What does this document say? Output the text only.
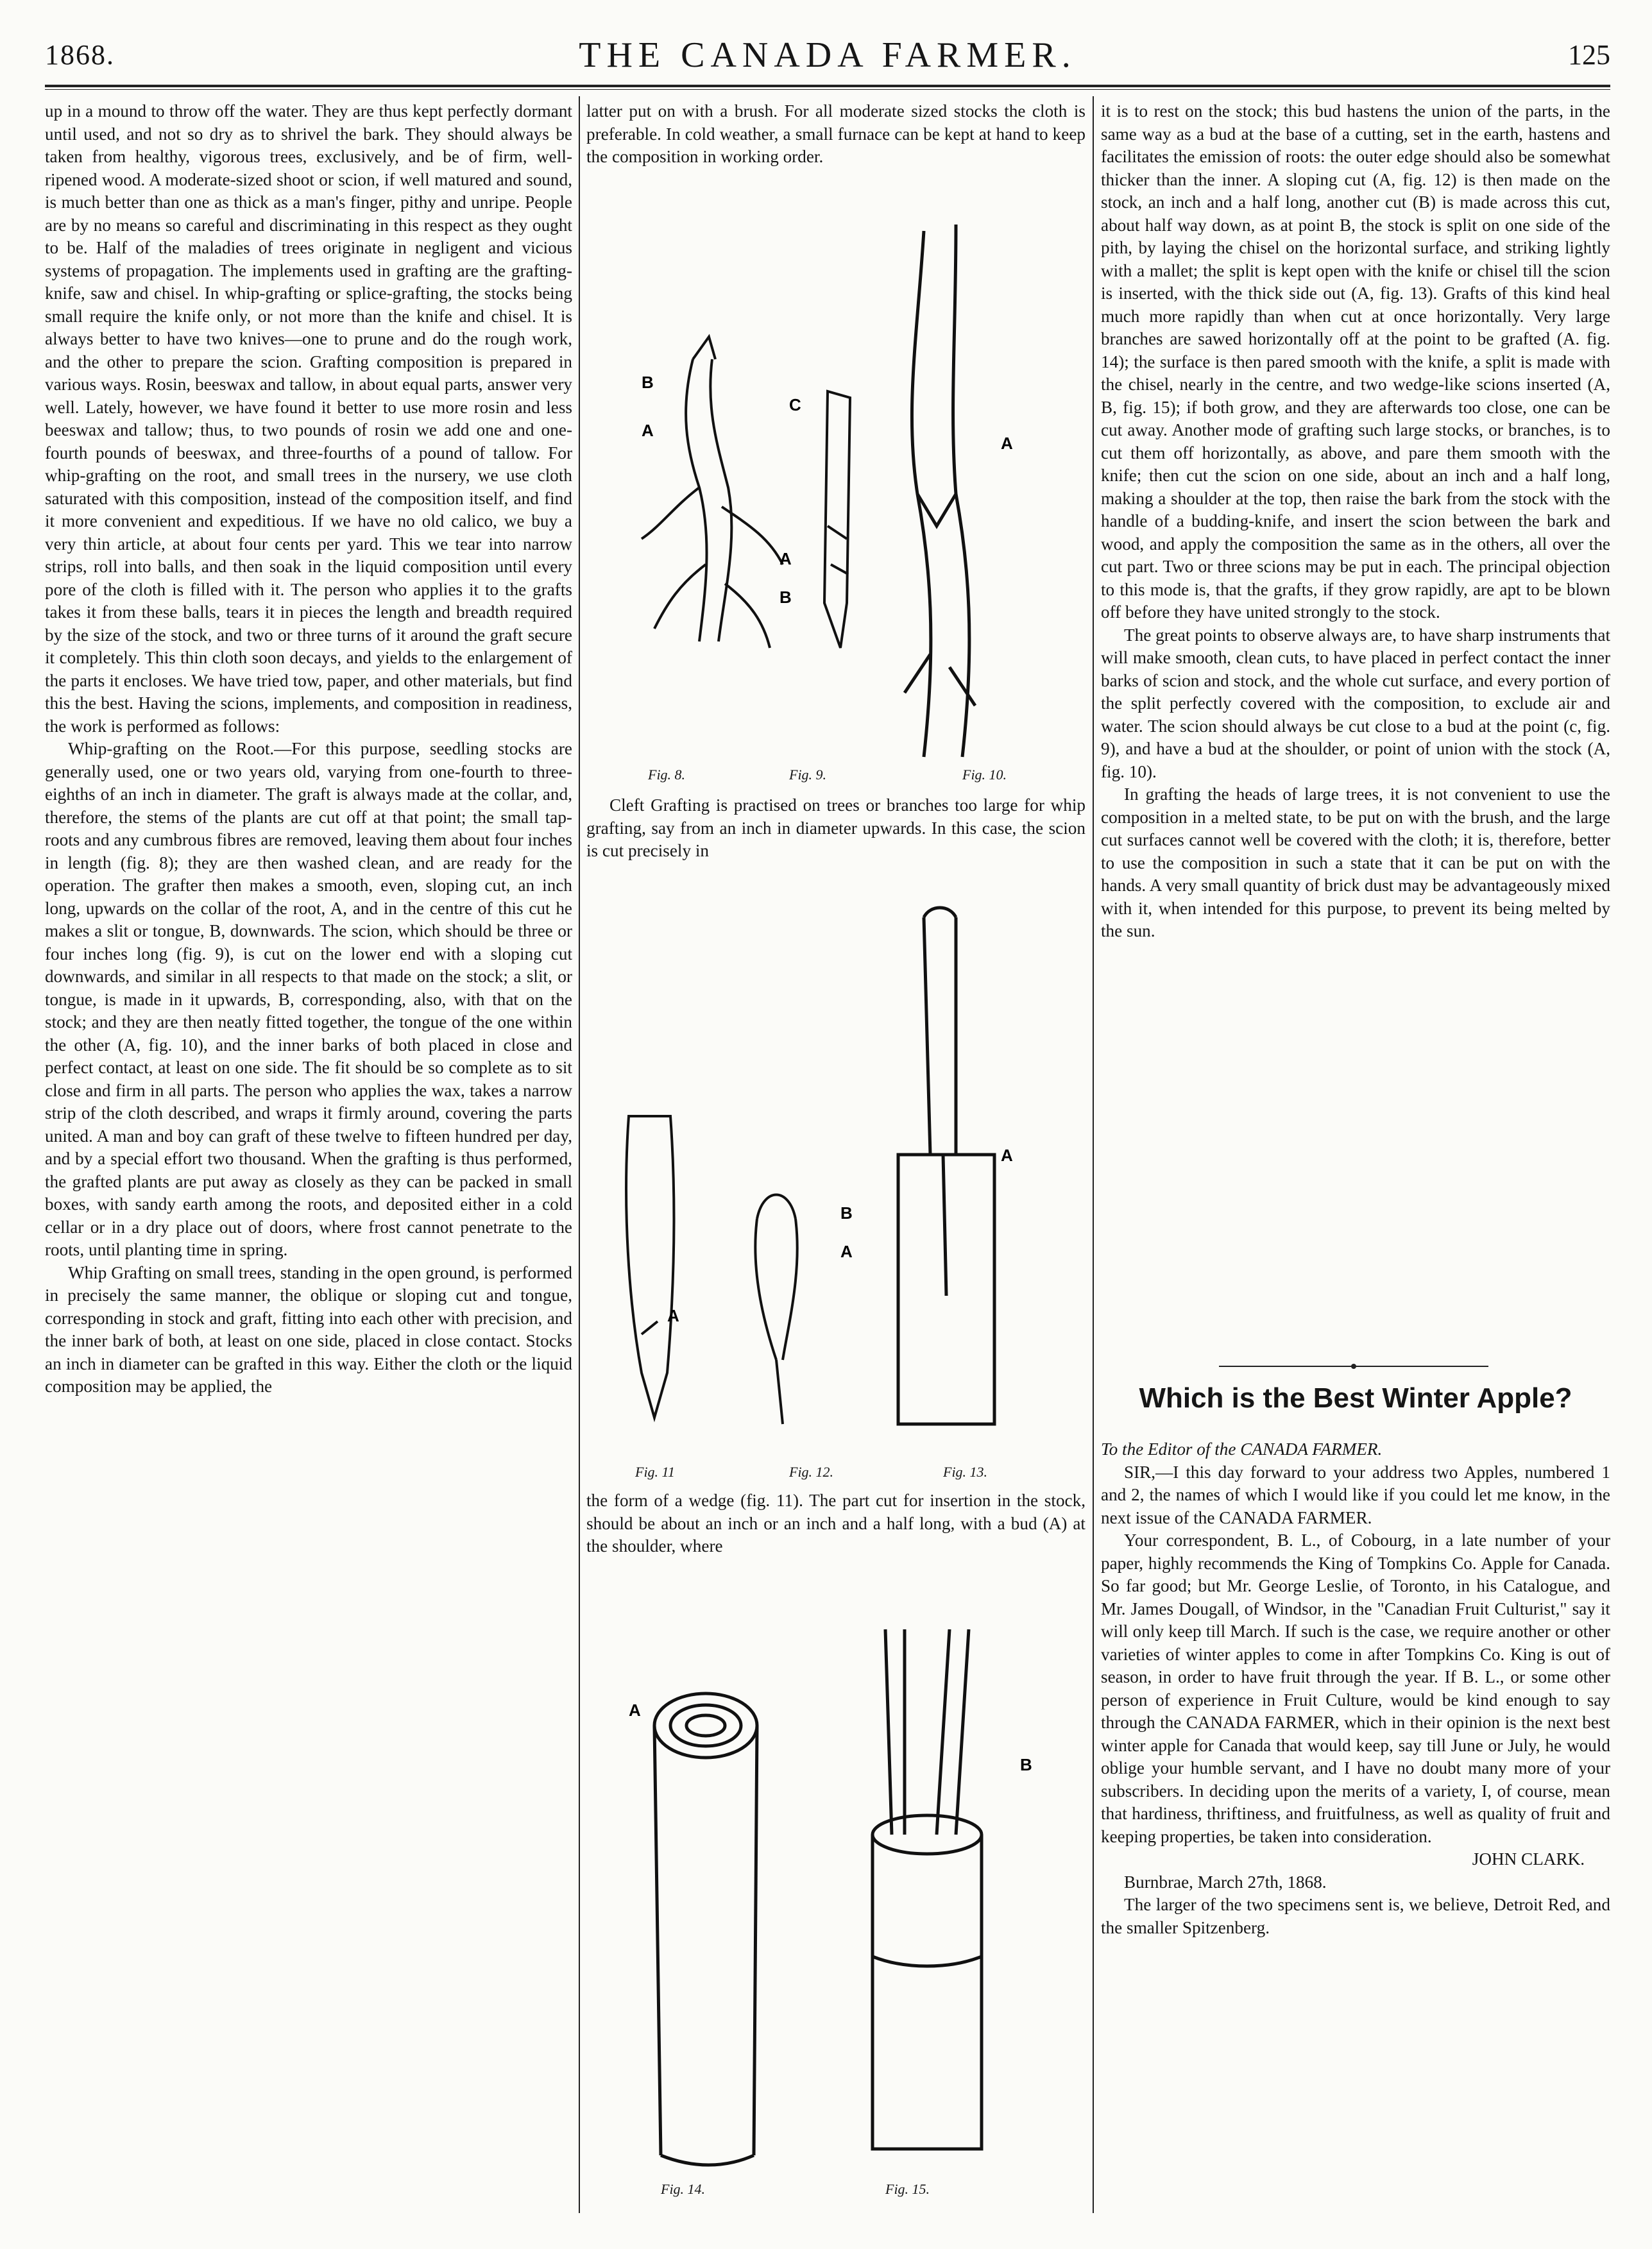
1868.	THE CANADA FARMER.	125

up in a mound to throw off the water. They are thus kept perfectly dormant until used, and not so dry as to shrivel the bark. They should always be taken from healthy, vigorous trees, exclusively, and be of firm, well-ripened wood. A moderate-sized shoot or scion, if well matured and sound, is much better than one as thick as a man's finger, pithy and unripe. People are by no means so careful and discriminating in this respect as they ought to be. Half of the maladies of trees originate in negligent and vicious systems of propagation. The implements used in grafting are the grafting-knife, saw and chisel. In whip-grafting or splice-grafting, the stocks being small require the knife only, or not more than the knife and chisel. It is always better to have two knives—one to prune and do the rough work, and the other to prepare the scion. Grafting composition is prepared in various ways. Rosin, beeswax and tallow, in about equal parts, answer very well. Lately, however, we have found it better to use more rosin and less beeswax and tallow; thus, to two pounds of rosin we add one and one-fourth pounds of beeswax, and three-fourths of a pound of tallow. For whip-grafting on the root, and small trees in the nursery, we use cloth saturated with this composition, instead of the composition itself, and find it more convenient and expeditious. If we have no old calico, we buy a very thin article, at about four cents per yard. This we tear into narrow strips, roll into balls, and then soak in the liquid composition until every pore of the cloth is filled with it. The person who applies it to the grafts takes it from these balls, tears it in pieces the length and breadth required by the size of the stock, and two or three turns of it around the graft secure it completely. This thin cloth soon decays, and yields to the enlargement of the parts it encloses. We have tried tow, paper, and other materials, but find this the best. Having the scions, implements, and composition in readiness, the work is performed as follows:

Whip-grafting on the Root.—For this purpose, seedling stocks are generally used, one or two years old, varying from one-fourth to three-eighths of an inch in diameter. The graft is always made at the collar, and, therefore, the stems of the plants are cut off at that point; the small tap-roots and any cumbrous fibres are removed, leaving them about four inches in length (fig. 8); they are then washed clean, and are ready for the operation. The grafter then makes a smooth, even, sloping cut, an inch long, upwards on the collar of the root, A, and in the centre of this cut he makes a slit or tongue, B, downwards. The scion, which should be three or four inches long (fig. 9), is cut on the lower end with a sloping cut downwards, and similar in all respects to that made on the stock; a slit, or tongue, is made in it upwards, B, corresponding, also, with that on the stock; and they are then neatly fitted together, the tongue of the one within the other (A, fig. 10), and the inner barks of both placed in close and perfect contact, at least on one side. The fit should be so complete as to sit close and firm in all parts. The person who applies the wax, takes a narrow strip of the cloth described, and wraps it firmly around, covering the parts united. A man and boy can graft of these twelve to fifteen hundred per day, and by a special effort two thousand. When the grafting is thus performed, the grafted plants are put away as closely as they can be packed in small boxes, with sandy earth among the roots, and deposited either in a cold cellar or in a dry place out of doors, where frost cannot penetrate to the roots, until planting time in spring.

Whip Grafting on small trees, standing in the open ground, is performed in precisely the same manner, the oblique or sloping cut and tongue, corresponding in stock and graft, fitting into each other with precision, and the inner bark of both, at least on one side, placed in close contact. Stocks an inch in diameter can be grafted in this way. Either the cloth or the liquid composition may be applied, the

latter put on with a brush. For all moderate sized stocks the cloth is preferable. In cold weather, a small furnace can be kept at hand to keep the composition in working order.

B
A
C
A
B
A
Fig. 8.	Fig. 9.	Fig. 10.

Cleft Grafting is practised on trees or branches too large for whip grafting, say from an inch in diameter upwards. In this case, the scion is cut precisely in

A
B
A
A
Fig. 11	Fig. 12.	Fig. 13.

the form of a wedge (fig. 11). The part cut for insertion in the stock, should be about an inch or an inch and a half long, with a bud (A) at the shoulder, where

A
B
Fig. 14.	Fig. 15.

it is to rest on the stock; this bud hastens the union of the parts, in the same way as a bud at the base of a cutting, set in the earth, hastens and facilitates the emission of roots: the outer edge should also be somewhat thicker than the inner. A sloping cut (A, fig. 12) is then made on the stock, an inch and a half long, another cut (B) is made across this cut, about half way down, as at point B, the stock is split on one side of the pith, by laying the chisel on the horizontal surface, and striking lightly with a mallet; the split is kept open with the knife or chisel till the scion is inserted, with the thick side out (A, fig. 13). Grafts of this kind heal much more rapidly than when cut at once horizontally. Very large branches are sawed horizontally off at the point to be grafted (A. fig. 14); the surface is then pared smooth with the knife, a split is made with the chisel, nearly in the centre, and two wedge-like scions inserted (A, B, fig. 15); if both grow, and they are afterwards too close, one can be cut away. Another mode of grafting such large stocks, or branches, is to cut them off horizontally, as above, and pare them smooth with the knife; then cut the scion on one side, about an inch and a half long, making a shoulder at the top, then raise the bark from the stock with the handle of a budding-knife, and insert the scion between the bark and wood, and apply the composition the same as in the others, all over the cut part. Two or three scions may be put in each. The principal objection to this mode is, that the grafts, if they grow rapidly, are apt to be blown off before they have united strongly to the stock.

The great points to observe always are, to have sharp instruments that will make smooth, clean cuts, to have placed in perfect contact the inner barks of scion and stock, and the whole cut surface, and every portion of the split perfectly covered with the composition, to exclude air and water. The scion should always be cut close to a bud at the point (c, fig. 9), and have a bud at the shoulder, or point of union with the stock (A, fig. 10).

In grafting the heads of large trees, it is not convenient to use the composition in a melted state, to be put on with the brush, and the large cut surfaces cannot well be covered with the cloth; it is, therefore, better to use the composition in such a state that it can be put on with the hands. A very small quantity of brick dust may be advantageously mixed with it, when intended for this purpose, to prevent its being melted by the sun.

Which is the Best Winter Apple?

To the Editor of the CANADA FARMER.

SIR,—I this day forward to your address two Apples, numbered 1 and 2, the names of which I would like if you could let me know, in the next issue of the CANADA FARMER.

Your correspondent, B. L., of Cobourg, in a late number of your paper, highly recommends the King of Tompkins Co. Apple for Canada. So far good; but Mr. George Leslie, of Toronto, in his Catalogue, and Mr. James Dougall, of Windsor, in the "Canadian Fruit Culturist," say it will only keep till March. If such is the case, we require another or other varieties of winter apples to come in after Tompkins Co. King is out of season, in order to have fruit through the year. If B. L., or some other person of experience in Fruit Culture, would be kind enough to say through the CANADA FARMER, which in their opinion is the next best winter apple for Canada that would keep, say till June or July, he would oblige your humble servant, and I have no doubt many more of your subscribers. In deciding upon the merits of a variety, I, of course, mean that hardiness, thriftiness, and fruitfulness, as well as quality of fruit and keeping properties, be taken into consideration.

JOHN CLARK.

Burnbrae, March 27th, 1868.

The larger of the two specimens sent is, we believe, Detroit Red, and the smaller Spitzenberg.
